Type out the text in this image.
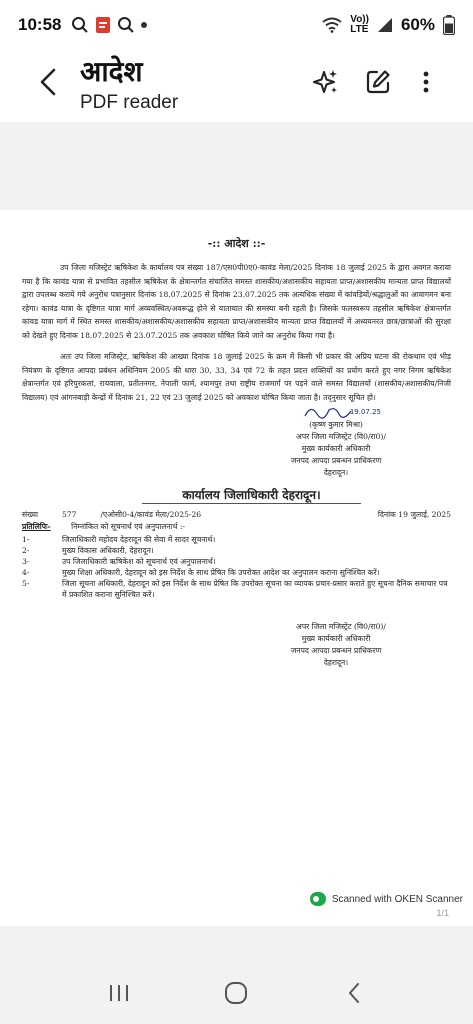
10:58	Vo))
LTE 60%
आदेश
PDF reader
-:: आदेश ::-

उप जिला मजिस्ट्रेट ऋषिकेश के कार्यालय पत्र संख्या 187/एस0पी0ए0-कावंड मेला/2025 दिनांक 18 जुलाई 2025 के द्वारा अवगत कराया गया है कि कावंड यात्रा से प्रभावित तहसील ऋषिकेश के क्षेत्रान्तर्गत संचालित समस्त शासकीय/अशासकीय सहायता प्राप्त/अशासकीय मान्यता प्राप्त विद्यालयों द्वारा उपलब्ध कराये गये अनुरोध पत्रानुसार दिनांक 18.07.2025 से दिनांक 23.07.2025 तक अत्यधिक संख्या में कांवड़ियों/श्रद्धालुओं का आवागमन बना रहेगा। कावंड यात्रा के दृष्टिगत यात्रा मार्ग अव्यवस्थित/अवरूद्ध होने से यातायात की समस्या बनी रहती है। जिसके फलस्वरूप तहसील ऋषिकेश क्षेत्रान्तर्गत कांवड यात्रा मार्ग में स्थित समस्त शासकीय/अशासकीय/अशासकीय सहायता प्राप्त/अशासकीय मान्यता प्राप्त विद्यालयों में अध्ययनरत छात्र/छात्राओं की सुरक्षा को देखते हुए दिनांक 18.07.2025 से 23.07.2025 तक अवकाश घोषित किये जाने का अनुरोध किया गया है।

अतः उप जिला मजिस्ट्रेट, ऋषिकेश की आख्या दिनांक 18 जुलाई 2025 के क्रम में किसी भी प्रकार की अप्रिय घटना की रोकथाम एवं भीड़ नियंत्रण के दृष्टिगत आपदा प्रबंधन अधिनियम 2005 की धारा 30, 33, 34 एवं 72 के तहत प्रदत्त शक्तियों का प्रयोग करते हुए नगर निगम ऋषिकेश क्षेत्रान्तर्गत एवं हरिपुरकलां, रायवाला, प्रतीतनगर, नेपाली फार्म, श्यामपुर तथा राष्ट्रीय राजमार्ग पर पड़ने वाले समस्त विद्यालयों (शासकीय/अशासकीय/निजी विद्यालय) एवं आंगनबाड़ी केन्द्रों में दिनांक 21, 22 एवं 23 जुलाई 2025 को अवकाश घोषित किया जाता है। तद्नुसार सूचित हो।

19.07.25
(कृष्ण कुमार मिश्रा)
अपर जिला मजिस्ट्रेट (वि0/रा0)/
मुख्य कार्यकारी अधिकारी
जनपद आपदा प्रबन्धन प्राधिकरण
देहरादून।
कार्यालय जिलाधिकारी देहरादून।
संख्या	577	/एओसी0-4/कावंड मेला/2025-26	दिनांक 19 जुलाई, 2025
प्रतिलिपिः-	निम्नांकित को सूचनार्थ एवं अनुपालनार्थ :-
1-	जिलाधिकारी महोदय देहरादून की सेवा में सादर सूचनार्थ।
2-	मुख्य विकास अधिकारी, देहरादून।
3-	उप जिलाधिकारी ऋषिकेश को सूचनार्थ एवं अनुपालनार्थ।
4-	मुख्य शिक्षा अधिकारी, देहरादून को इस निर्देश के साथ प्रेषित कि उपरोक्त आदेश का अनुपालन कराना सुनिश्चित करें।
5-	जिला सूचना अधिकारी, देहरादून को इस निर्देश के साथ प्रेषित कि उपरोक्त सूचना का व्यापक प्रचार-प्रसार कराते हुए सूचना दैनिक समाचार पत्र में प्रकाशित कराना सुनिश्चित करें।
अपर जिला मजिस्ट्रेट (वि0/रा0)/
मुख्य कार्यकारी अधिकारी
जनपद आपदा प्रबन्धन प्राधिकरण
देहरादून।
Scanned with OKEN Scanner
1/1
